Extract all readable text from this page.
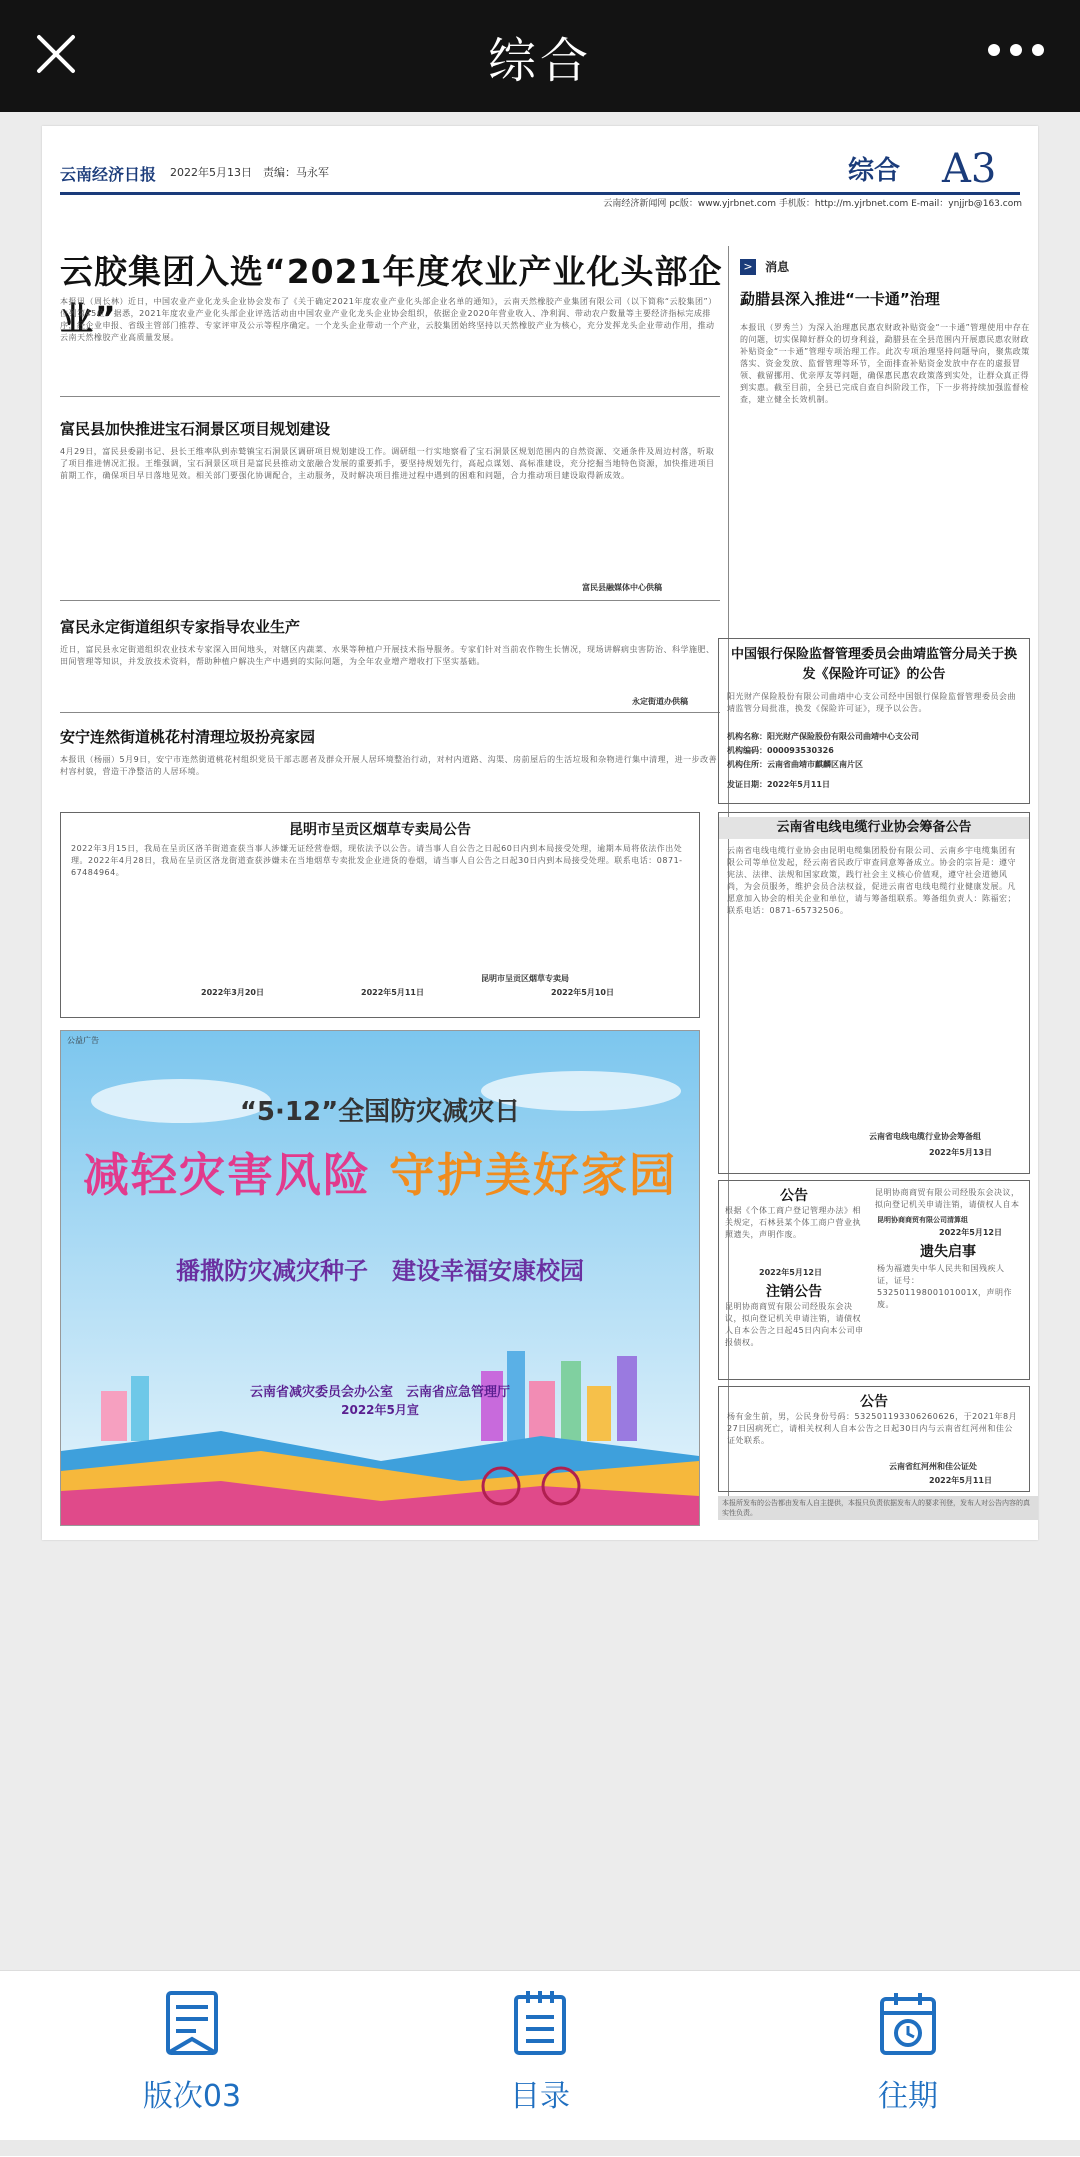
综合
云南经济日报 2022年5月13日　责编：马永军	综合 A3
云南经济新闻网 pc版：www.yjrbnet.com 手机版：http://m.yjrbnet.com E-mail：ynjjrb@163.com
云胶集团入选“2021年度农业产业化头部企业”
本报讯（周长林）近日，中国农业产业化龙头企业协会发布了《关于确定2021年度农业产业化头部企业名单的通知》，云南天然橡胶产业集团有限公司（以下简称“云胶集团”）位列第45位。据悉，2021年度农业产业化头部企业评选活动由中国农业产业化龙头企业协会组织，依据企业2020年营业收入、净利润、带动农户数量等主要经济指标完成排序，经企业申报、省级主管部门推荐、专家评审及公示等程序确定。一个龙头企业带动一个产业，云胶集团始终坚持以天然橡胶产业为核心，充分发挥龙头企业带动作用，推动云南天然橡胶产业高质量发展。
富民县加快推进宝石洞景区项目规划建设
4月29日，富民县委副书记、县长王维率队到赤鹫镇宝石洞景区调研项目规划建设工作。调研组一行实地察看了宝石洞景区规划范围内的自然资源、交通条件及周边村落，听取了项目推进情况汇报。王维强调，宝石洞景区项目是富民县推动文旅融合发展的重要抓手，要坚持规划先行，高起点谋划、高标准建设，充分挖掘当地特色资源，加快推进项目前期工作，确保项目早日落地见效。相关部门要强化协调配合，主动服务，及时解决项目推进过程中遇到的困难和问题，合力推动项目建设取得新成效。
富民县融媒体中心供稿
富民永定街道组织专家指导农业生产
近日，富民县永定街道组织农业技术专家深入田间地头，对辖区内蔬菜、水果等种植户开展技术指导服务。专家们针对当前农作物生长情况，现场讲解病虫害防治、科学施肥、田间管理等知识，并发放技术资料，帮助种植户解决生产中遇到的实际问题，为全年农业增产增收打下坚实基础。
永定街道办供稿
安宁连然街道桃花村清理垃圾扮亮家园
本报讯（杨丽）5月9日，安宁市连然街道桃花村组织党员干部志愿者及群众开展人居环境整治行动，对村内道路、沟渠、房前屋后的生活垃圾和杂物进行集中清理，进一步改善村容村貌，营造干净整洁的人居环境。
昆明市呈贡区烟草专卖局公告
2022年3月15日，我局在呈贡区洛羊街道查获当事人涉嫌无证经营卷烟，现依法予以公告。请当事人自公告之日起60日内到本局接受处理，逾期本局将依法作出处理。2022年4月28日，我局在呈贡区洛龙街道查获涉嫌未在当地烟草专卖批发企业进货的卷烟，请当事人自公告之日起30日内到本局接受处理。联系电话：0871-67484964。
昆明市呈贡区烟草专卖局
2022年3月20日	2022年5月11日	2022年5月10日
公益广告
“5·12”全国防灾减灾日
减轻灾害风险 守护美好家园
播撒防灾减灾种子　建设幸福安康校园
云南省减灾委员会办公室　云南省应急管理厅
2022年5月宣
> 消息
勐腊县深入推进“一卡通”治理
本报讯（罗秀兰）为深入治理惠民惠农财政补贴资金“一卡通”管理使用中存在的问题，切实保障好群众的切身利益，勐腊县在全县范围内开展惠民惠农财政补贴资金“一卡通”管理专项治理工作。此次专项治理坚持问题导向，聚焦政策落实、资金发放、监督管理等环节，全面排查补贴资金发放中存在的虚报冒领、截留挪用、优亲厚友等问题，确保惠民惠农政策落到实处，让群众真正得到实惠。截至目前，全县已完成自查自纠阶段工作，下一步将持续加强监督检查，建立健全长效机制。
中国银行保险监督管理委员会曲靖监管分局关于换发《保险许可证》的公告
阳光财产保险股份有限公司曲靖中心支公司经中国银行保险监督管理委员会曲靖监管分局批准，换发《保险许可证》，现予以公告。
机构名称：阳光财产保险股份有限公司曲靖中心支公司
机构编码：000093530326
机构住所：云南省曲靖市麒麟区南片区
发证日期：2022年5月11日
云南省电线电缆行业协会筹备公告
云南省电线电缆行业协会由昆明电缆集团股份有限公司、云南乡宇电缆集团有限公司等单位发起，经云南省民政厅审查同意筹备成立。协会的宗旨是：遵守宪法、法律、法规和国家政策，践行社会主义核心价值观，遵守社会道德风尚，为会员服务，维护会员合法权益，促进云南省电线电缆行业健康发展。凡愿意加入协会的相关企业和单位，请与筹备组联系。筹备组负责人：陈福宏；联系电话：0871-65732506。
云南省电线电缆行业协会筹备组
2022年5月13日
公告
根据《个体工商户登记管理办法》相关规定，石林县某个体工商户营业执照遗失，声明作废。
2022年5月12日
注销公告
昆明协商商贸有限公司经股东会决议，拟向登记机关申请注销，请债权人自本公告之日起45日内向本公司申报债权。
昆明协商商贸有限公司经股东会决议，拟向登记机关申请注销，请债权人自本
昆明协商商贸有限公司清算组
2022年5月12日
遗失启事
杨为福遗失中华人民共和国残疾人证，证号：53250119800101001X，声明作废。
公告
杨有金生前，男，公民身份号码：532501193306260626，于2021年8月27日因病死亡，请相关权利人自本公告之日起30日内与云南省红河州和佳公证处联系。
云南省红河州和佳公证处
2022年5月11日
本报所发布的公告都由发布人自主提供，本报只负责依据发布人的要求刊登，发布人对公告内容的真实性负责。
版次03	目录	往期
